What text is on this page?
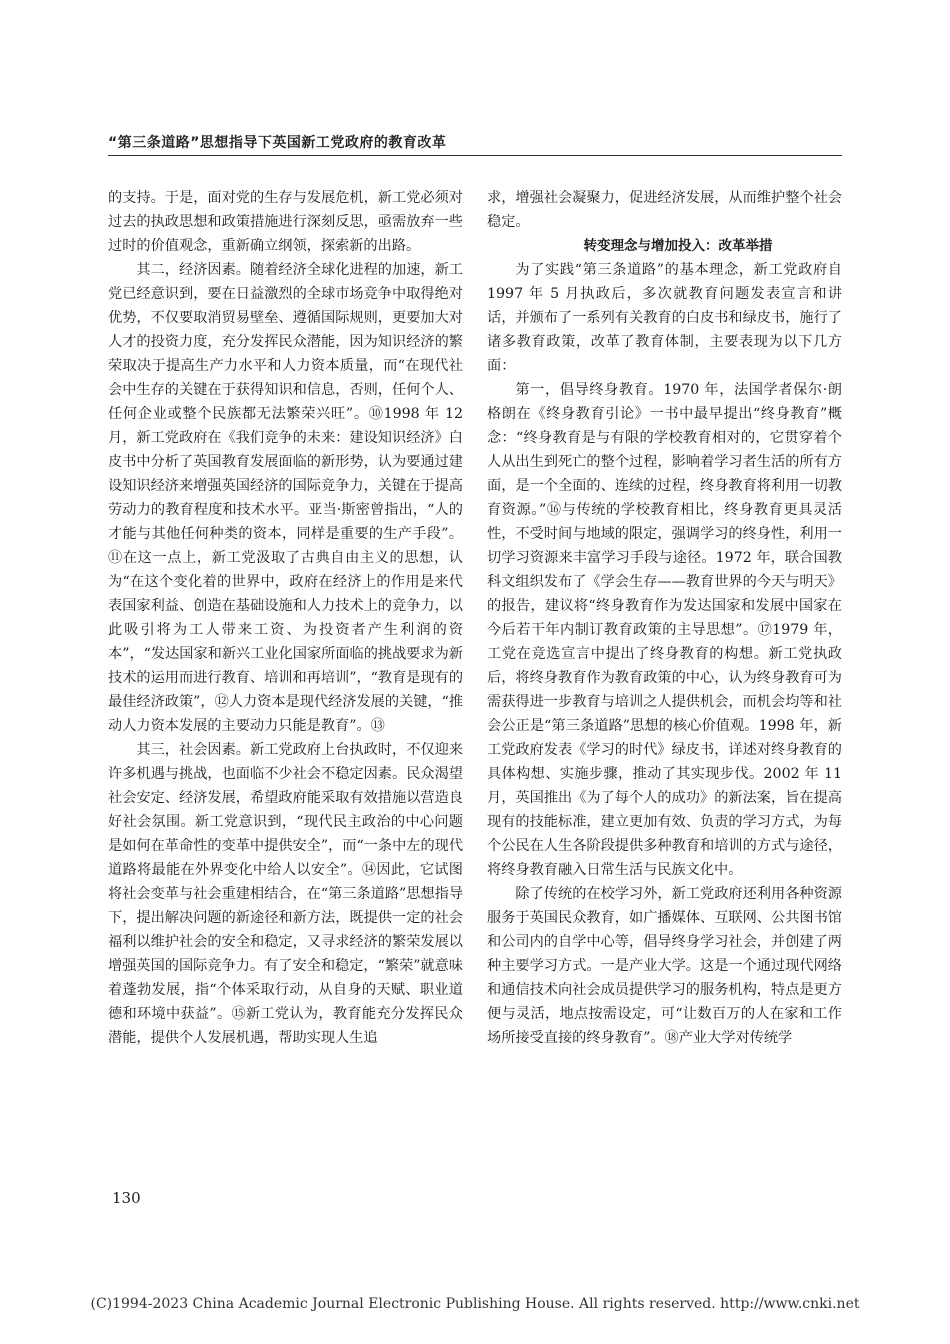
“第三条道路”思想指导下英国新工党政府的教育改革

的支持。于是，面对党的生存与发展危机，新工党必须对过去的执政思想和政策措施进行深刻反思，亟需放弃一些过时的价值观念，重新确立纲领，探索新的出路。

其二，经济因素。随着经济全球化进程的加速，新工党已经意识到，要在日益激烈的全球市场竞争中取得绝对优势，不仅要取消贸易壁垒、遵循国际规则，更要加大对人才的投资力度，充分发挥民众潜能，因为知识经济的繁荣取决于提高生产力水平和人力资本质量，而“在现代社会中生存的关键在于获得知识和信息，否则，任何个人、任何企业或整个民族都无法繁荣兴旺”。⑩1998 年 12 月，新工党政府在《我们竞争的未来：建设知识经济》白皮书中分析了英国教育发展面临的新形势，认为要通过建设知识经济来增强英国经济的国际竞争力，关键在于提高劳动力的教育程度和技术水平。亚当·斯密曾指出，“人的才能与其他任何种类的资本，同样是重要的生产手段”。⑪在这一点上，新工党汲取了古典自由主义的思想，认为“在这个变化着的世界中，政府在经济上的作用是来代表国家利益、创造在基础设施和人力技术上的竞争力，以此吸引将为工人带来工资、为投资者产生利润的资本”，“发达国家和新兴工业化国家所面临的挑战要求为新技术的运用而进行教育、培训和再培训”，“教育是现有的最佳经济政策”，⑫人力资本是现代经济发展的关键，“推动人力资本发展的主要动力只能是教育”。⑬

其三，社会因素。新工党政府上台执政时，不仅迎来许多机遇与挑战，也面临不少社会不稳定因素。民众渴望社会安定、经济发展，希望政府能采取有效措施以营造良好社会氛围。新工党意识到，“现代民主政治的中心问题是如何在革命性的变革中提供安全”，而“一条中左的现代道路将最能在外界变化中给人以安全”。⑭因此，它试图将社会变革与社会重建相结合，在“第三条道路”思想指导下，提出解决问题的新途径和新方法，既提供一定的社会福利以维护社会的安全和稳定，又寻求经济的繁荣发展以增强英国的国际竞争力。有了安全和稳定，“繁荣”就意味着蓬勃发展，指“个体采取行动，从自身的天赋、职业道德和环境中获益”。⑮新工党认为，教育能充分发挥民众潜能，提供个人发展机遇，帮助实现人生追

求，增强社会凝聚力，促进经济发展，从而维护整个社会稳定。

转变理念与增加投入：改革举措

为了实践“第三条道路”的基本理念，新工党政府自 1997 年 5 月执政后，多次就教育问题发表宣言和讲话，并颁布了一系列有关教育的白皮书和绿皮书，施行了诸多教育政策，改革了教育体制，主要表现为以下几方面：

第一，倡导终身教育。1970 年，法国学者保尔·朗格朗在《终身教育引论》一书中最早提出“终身教育”概念：“终身教育是与有限的学校教育相对的，它贯穿着个人从出生到死亡的整个过程，影响着学习者生活的所有方面，是一个全面的、连续的过程，终身教育将利用一切教育资源。”⑯与传统的学校教育相比，终身教育更具灵活性，不受时间与地域的限定，强调学习的终身性，利用一切学习资源来丰富学习手段与途径。1972 年，联合国教科文组织发布了《学会生存——教育世界的今天与明天》的报告，建议将“终身教育作为发达国家和发展中国家在今后若干年内制订教育政策的主导思想”。⑰1979 年，工党在竞选宣言中提出了终身教育的构想。新工党执政后，将终身教育作为教育政策的中心，认为终身教育可为需获得进一步教育与培训之人提供机会，而机会均等和社会公正是“第三条道路”思想的核心价值观。1998 年，新工党政府发表《学习的时代》绿皮书，详述对终身教育的具体构想、实施步骤，推动了其实现步伐。2002 年 11 月，英国推出《为了每个人的成功》的新法案，旨在提高现有的技能标准，建立更加有效、负责的学习方式，为每个公民在人生各阶段提供多种教育和培训的方式与途径，将终身教育融入日常生活与民族文化中。

除了传统的在校学习外，新工党政府还利用各种资源服务于英国民众教育，如广播媒体、互联网、公共图书馆和公司内的自学中心等，倡导终身学习社会，并创建了两种主要学习方式。一是产业大学。这是一个通过现代网络和通信技术向社会成员提供学习的服务机构，特点是更方便与灵活，地点按需设定，可“让数百万的人在家和工作场所接受直接的终身教育”。⑱产业大学对传统学

130
(C)1994-2023 China Academic Journal Electronic Publishing House. All rights reserved. http://www.cnki.net
